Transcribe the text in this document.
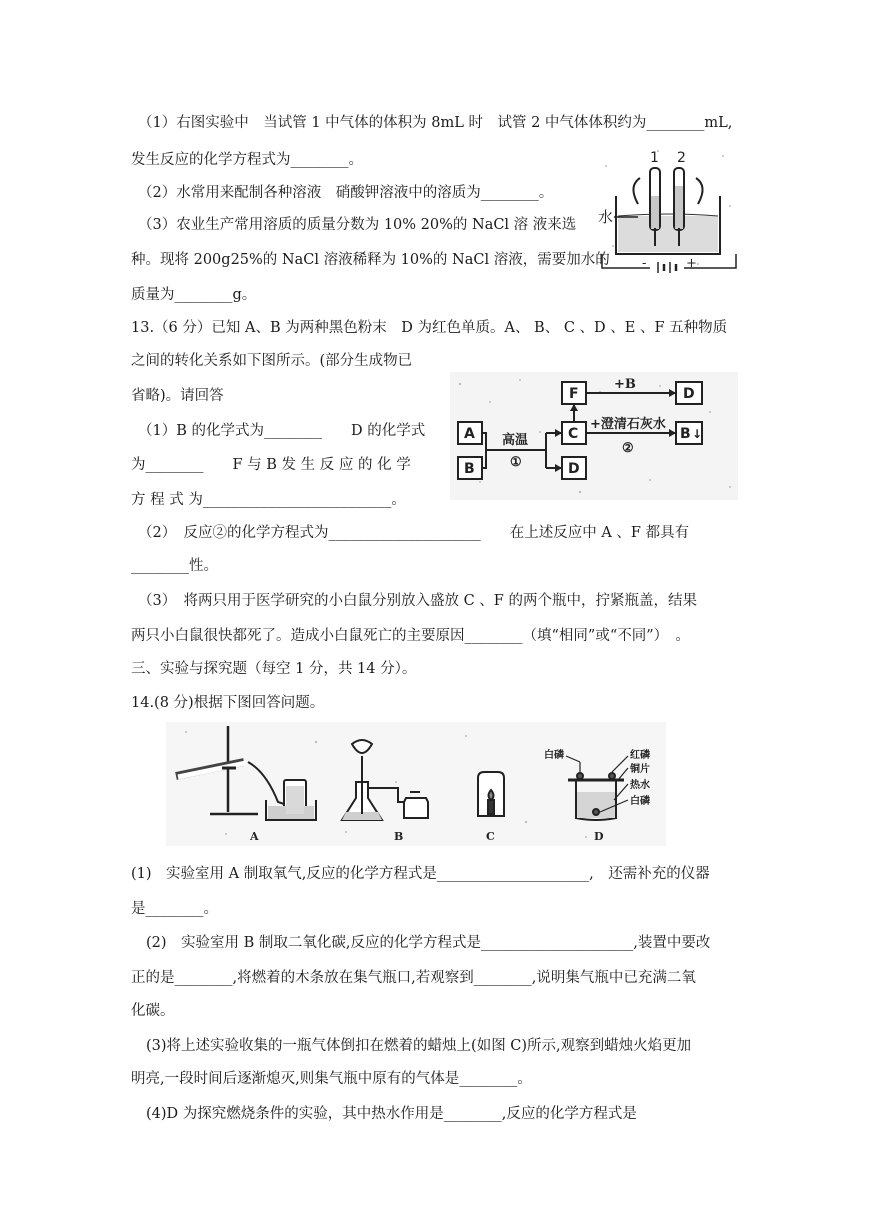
（1）右图实验中　当试管 1 中气体的体积为 8mL 时　试管 2 中气体体积约为________mL,
发生反应的化学方程式为________。
（2）水常用来配制各种溶液　硝酸钾溶液中的溶质为________。
（3）农业生产常用溶质的质量分数为 10% 20%的 NaCl 溶 液来选
种。现将 200g25%的 NaCl 溶液稀释为 10%的 NaCl 溶液，需要加水的
质量为________g。
13.（6 分）已知 A、B 为两种黑色粉末　D 为红色单质。A、 B、 C 、D 、E 、F 五种物质
之间的转化关系如下图所示。(部分生成物已
省略)。请回答
（1）B 的化学式为________　　D 的化学式
为________　　F 与 B 发 生 反 应 的 化 学
方 程 式 为__________________________。
（2）　反应②的化学方程式为_____________________　　在上述反应中 A 、F 都具有
________性。
（3）　将两只用于医学研究的小白鼠分别放入盛放 C 、F 的两个瓶中，拧紧瓶盖，结果
两只小白鼠很快都死了。造成小白鼠死亡的主要原因________（填“相同”或“不同”）　。
三、实验与探究题（每空 1 分，共 14 分）。
14.(8 分)根据下图回答问题。
(1)　实验室用 A 制取氧气,反应的化学方程式是_____________________,　还需补充的仪器
是________。
(2)　实验室用 B 制取二氧化碳,反应的化学方程式是_____________________,装置中要改
正的是________,将燃着的木条放在集气瓶口,若观察到________,说明集气瓶中已充满二氧
化碳。
(3)将上述实验收集的一瓶气体倒扣在燃着的蜡烛上(如图 C)所示,观察到蜡烛火焰更加
明亮,一段时间后逐渐熄灭,则集气瓶中原有的气体是________。
(4)D 为探究燃烧条件的实验，其中热水作用是________,反应的化学方程式是
1 2
水
-	+
A
B
C
F
D
D
B ↓
高温
①
+B
+澄清石灰水
②
A	B	C
白磷	红磷
铜片
热水
白磷
D
